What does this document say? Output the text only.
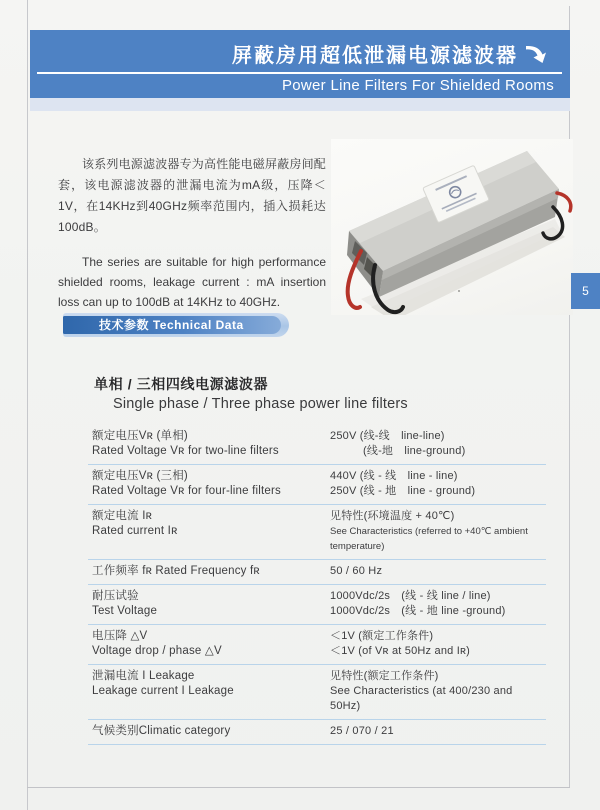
屏蔽房用超低泄漏电源滤波器
Power Line Filters For Shielded Rooms

该系列电源滤波器专为高性能电磁屏蔽房间配套，该电源滤波器的泄漏电流为mA级，压降＜1V，在14KHz到40GHz频率范围内，插入损耗达100dB。

The series are suitable for high performance shielded rooms, leakage current : mA insertion loss can up to 100dB at 14KHz to 40GHz.

5
技术参数 Technical Data
单相 / 三相四线电源滤波器
Single phase / Three phase power line filters
额定电压Vʀ (单相)
Rated Voltage Vʀ for two-line filters
250V (线-线　line-line)
(线-地　line-ground)
额定电压Vʀ (三相)
Rated Voltage Vʀ for four-line filters
440V (线 - 线　line - line)
250V (线 - 地　line - ground)
额定电流 Iʀ
Rated current Iʀ
见特性(环境温度 + 40℃)
See Characteristics (referred to +40℃ ambient temperature)
工作频率 fʀ Rated Frequency fʀ	50 / 60 Hz
耐压试验
Test Voltage
1000Vdc/2s　(线 - 线 line / line)
1000Vdc/2s　(线 - 地 line -ground)
电压降 △V
Voltage drop / phase △V
＜1V (额定工作条件)
＜1V (of Vʀ at 50Hz and Iʀ)
泄漏电流 I Leakage
Leakage current I Leakage
见特性(额定工作条件)
See Characteristics (at 400/230 and 50Hz)
气候类别Climatic category	25 / 070 / 21
